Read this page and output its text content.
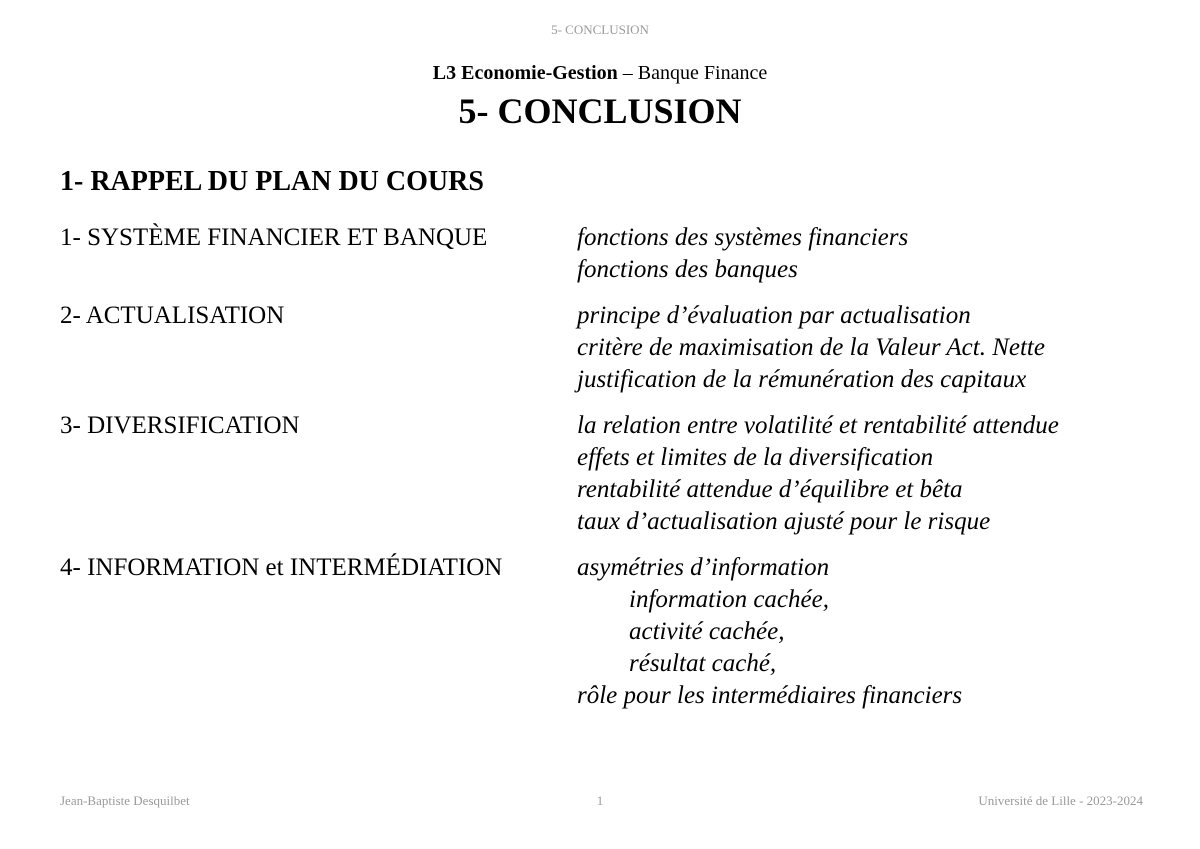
5- CONCLUSION
L3 Economie-Gestion – Banque Finance
5- CONCLUSION
1- RAPPEL DU PLAN DU COURS
1- SYSTÈME FINANCIER ET BANQUE	fonctions des systèmes financiers
fonctions des banques
2- ACTUALISATION	principe d’évaluation par actualisation
critère de maximisation de la Valeur Act. Nette
justification de la rémunération des capitaux
3- DIVERSIFICATION	la relation entre volatilité et rentabilité attendue
effets et limites de la diversification
rentabilité attendue d’équilibre et bêta
taux d’actualisation ajusté pour le risque
4- INFORMATION et INTERMÉDIATION	asymétries d’information
information cachée,
activité cachée,
résultat caché,
rôle pour les intermédiaires financiers
Jean-Baptiste Desquilbet	1	Université de Lille - 2023-2024
